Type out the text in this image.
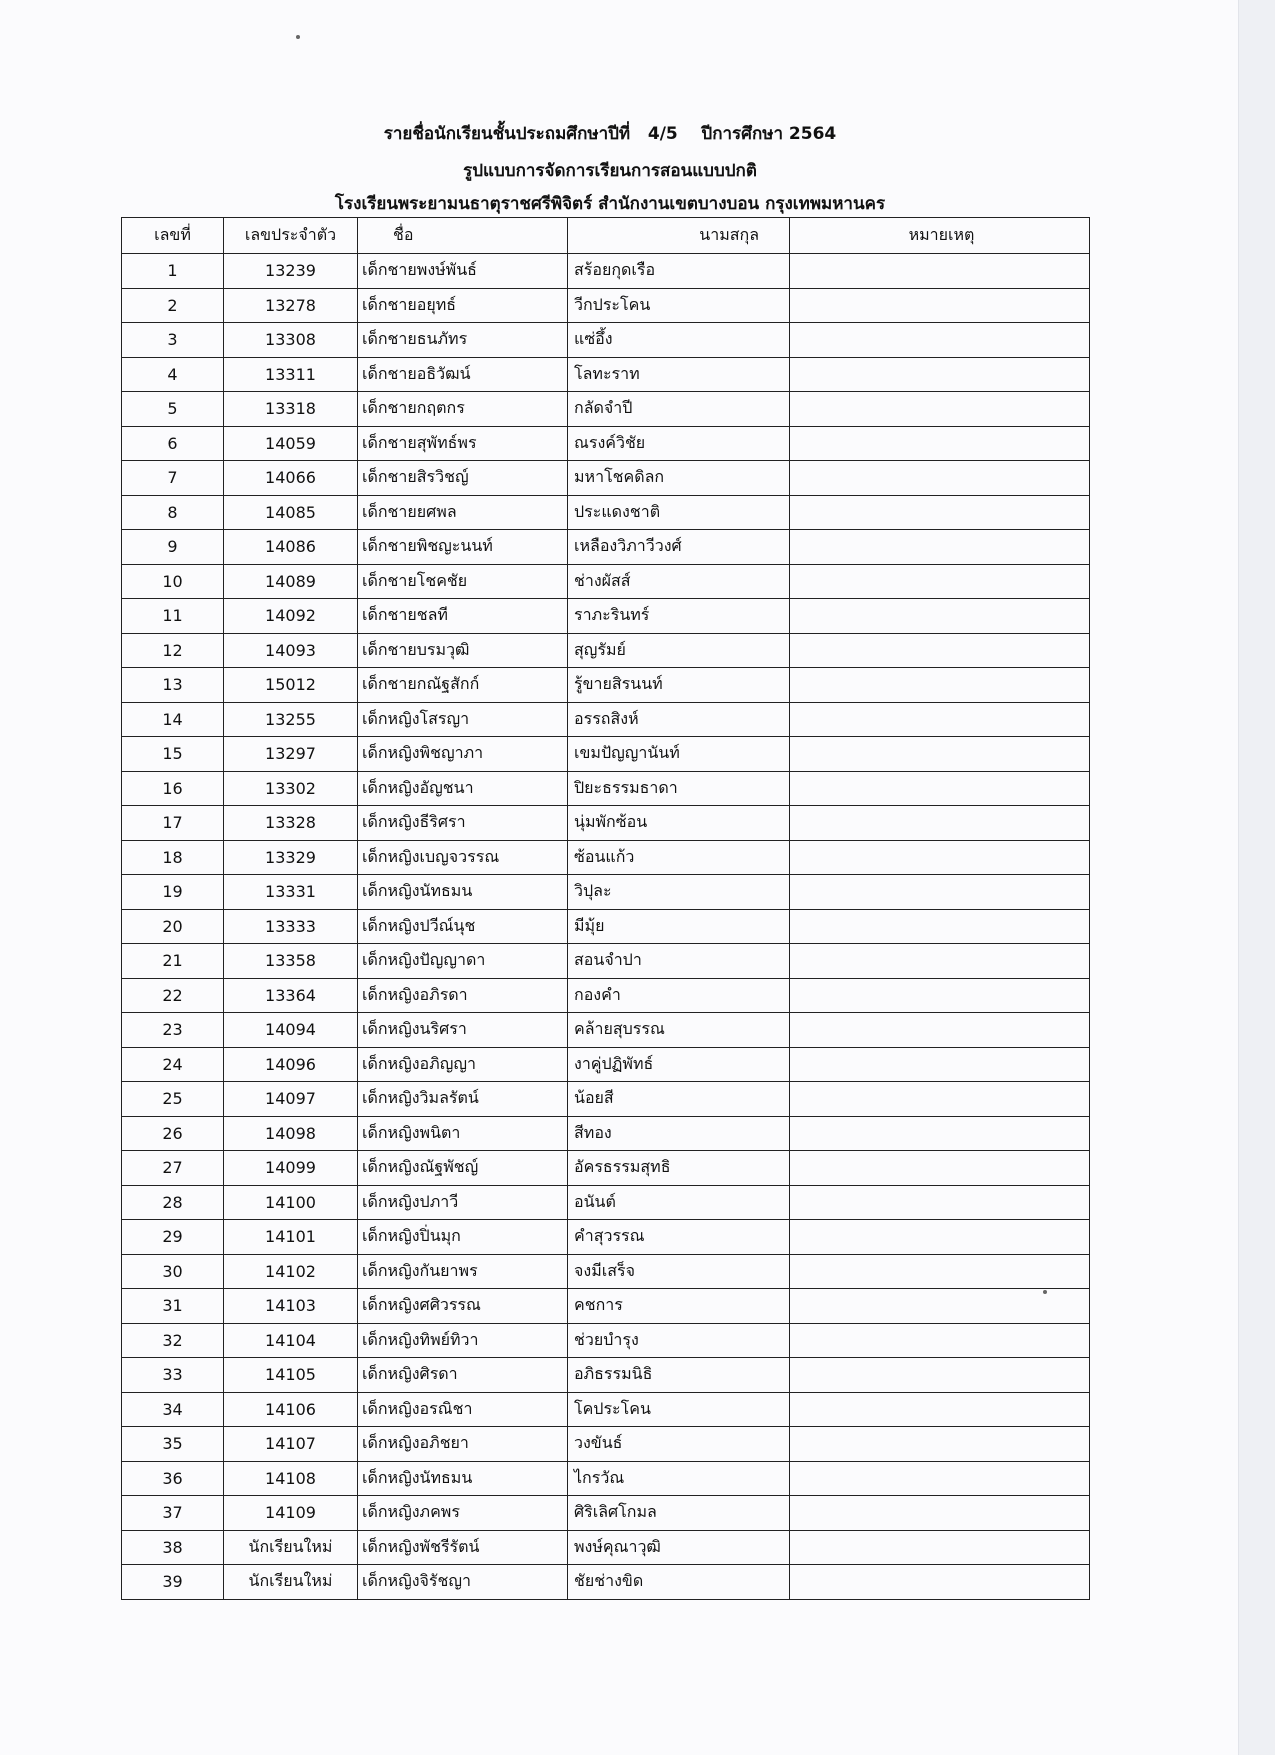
รายชื่อนักเรียนชั้นประถมศึกษาปีที่   4/5    ปีการศึกษา 2564
รูปแบบการจัดการเรียนการสอนแบบปกติ
โรงเรียนพระยามนธาตุราชศรีพิจิตร์ สำนักงานเขตบางบอน กรุงเทพมหานคร
เลขที่	เลขประจำตัว	ชื่อ	นามสกุล	หมายเหตุ
1	13239	เด็กชายพงษ์พันธ์	สร้อยกุดเรือ	
2	13278	เด็กชายอยุทธ์	วีกประโคน	
3	13308	เด็กชายธนภัทร	แซ่อึ้ง	
4	13311	เด็กชายอธิวัฒน์	โลทะราท	
5	13318	เด็กชายกฤตกร	กลัดจำปี	
6	14059	เด็กชายสุพัทธ์พร	ณรงค์วิชัย	
7	14066	เด็กชายสิรวิชญ์	มหาโชคดิลก	
8	14085	เด็กชายยศพล	ประแดงชาติ	
9	14086	เด็กชายพิชญะนนท์	เหลืองวิภาวีวงศ์	
10	14089	เด็กชายโชคชัย	ช่างผัสส์	
11	14092	เด็กชายชลที	ราภะรินทร์	
12	14093	เด็กชายบรมวุฒิ	สุญรัมย์	
13	15012	เด็กชายกณัฐสักก์	รู้ขายสิรนนท์	
14	13255	เด็กหญิงโสรญา	อรรถสิงห์	
15	13297	เด็กหญิงพิชญาภา	เขมปัญญานันท์	
16	13302	เด็กหญิงอัญชนา	ปิยะธรรมธาดา	
17	13328	เด็กหญิงธีริศรา	นุ่มพักซ้อน	
18	13329	เด็กหญิงเบญจวรรณ	ซ้อนแก้ว	
19	13331	เด็กหญิงนัทธมน	วิปุละ	
20	13333	เด็กหญิงปวีณ์นุช	มีมุ้ย	
21	13358	เด็กหญิงปัญญาดา	สอนจำปา	
22	13364	เด็กหญิงอภิรดา	กองคำ	
23	14094	เด็กหญิงนริศรา	คล้ายสุบรรณ	
24	14096	เด็กหญิงอภิญญา	งาคู่ปฏิพัทธ์	
25	14097	เด็กหญิงวิมลรัตน์	น้อยสี	
26	14098	เด็กหญิงพนิตา	สีทอง	
27	14099	เด็กหญิงณัฐพัชญ์	อัครธรรมสุทธิ	
28	14100	เด็กหญิงปภาวี	อนันต์	
29	14101	เด็กหญิงปิ่นมุก	คำสุวรรณ	
30	14102	เด็กหญิงกันยาพร	จงมีเสร็จ	
31	14103	เด็กหญิงศศิวรรณ	คชการ	
32	14104	เด็กหญิงทิพย์ทิวา	ช่วยบำรุง	
33	14105	เด็กหญิงศิรดา	อภิธรรมนิธิ	
34	14106	เด็กหญิงอรณิชา	โคประโคน	
35	14107	เด็กหญิงอภิชยา	วงขันธ์	
36	14108	เด็กหญิงนัทธมน	ไกรวัณ	
37	14109	เด็กหญิงภคพร	ศิริเลิศโกมล	
38	นักเรียนใหม่	เด็กหญิงพัชรีรัตน์	พงษ์คุณาวุฒิ	
39	นักเรียนใหม่	เด็กหญิงจิรัชญา	ชัยช่างขิด	
